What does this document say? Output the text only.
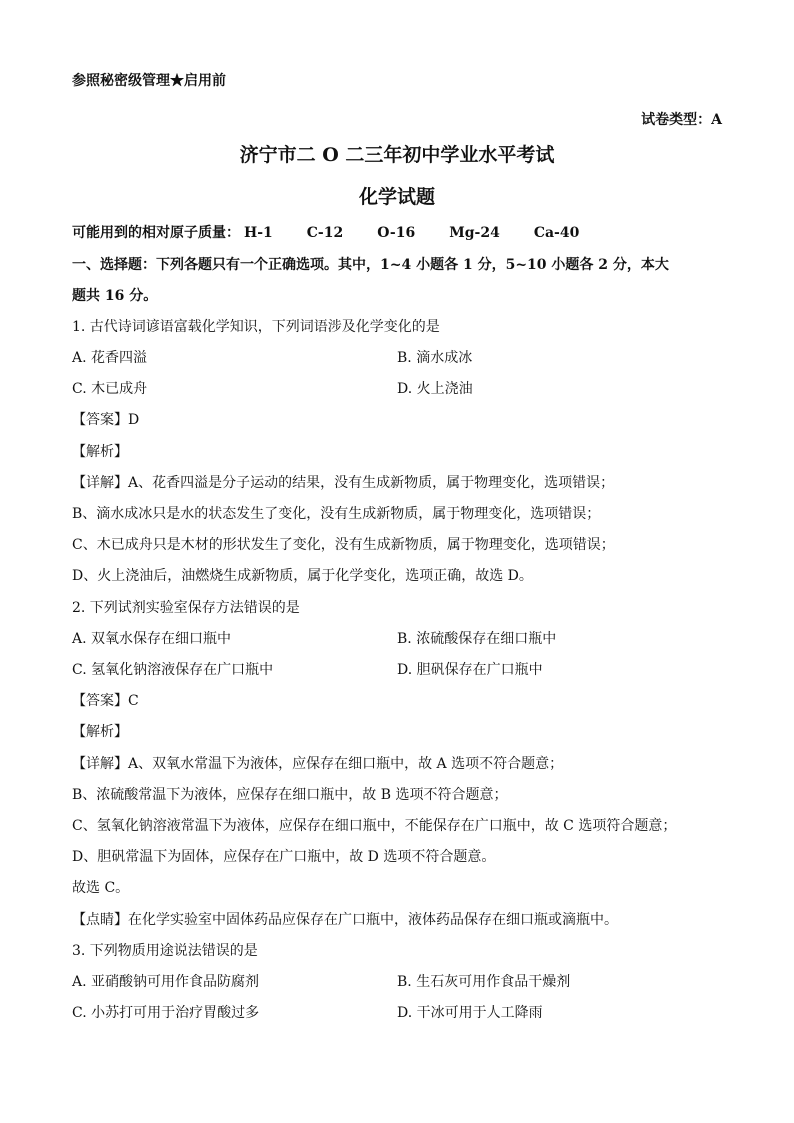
参照秘密级管理★启用前
试卷类型：A
济宁市二 O 二三年初中学业水平考试
化学试题
可能用到的相对原子质量： H-1 C-12 O-16 Mg-24 Ca-40
一、选择题：下列各题只有一个正确选项。其中，1~4 小题各 1 分，5~10 小题各 2 分，本大
题共 16 分。
1. 古代诗词谚语富载化学知识，下列词语涉及化学变化的是
A. 花香四溢	B. 滴水成冰
C. 木已成舟	D. 火上浇油
【答案】D
【解析】
【详解】A、花香四溢是分子运动的结果，没有生成新物质，属于物理变化，选项错误；
B、滴水成冰只是水的状态发生了变化，没有生成新物质，属于物理变化，选项错误；
C、木已成舟只是木材的形状发生了变化，没有生成新物质，属于物理变化，选项错误；
D、火上浇油后，油燃烧生成新物质，属于化学变化，选项正确，故选 D。
2. 下列试剂实验室保存方法错误的是
A. 双氧水保存在细口瓶中	B. 浓硫酸保存在细口瓶中
C. 氢氧化钠溶液保存在广口瓶中	D. 胆矾保存在广口瓶中
【答案】C
【解析】
【详解】A、双氧水常温下为液体，应保存在细口瓶中，故 A 选项不符合题意；
B、浓硫酸常温下为液体，应保存在细口瓶中，故 B 选项不符合题意；
C、氢氧化钠溶液常温下为液体，应保存在细口瓶中，不能保存在广口瓶中，故 C 选项符合题意；
D、胆矾常温下为固体，应保存在广口瓶中，故 D 选项不符合题意。
故选 C。
【点睛】在化学实验室中固体药品应保存在广口瓶中，液体药品保存在细口瓶或滴瓶中。
3. 下列物质用途说法错误的是
A. 亚硝酸钠可用作食品防腐剂	B. 生石灰可用作食品干燥剂
C. 小苏打可用于治疗胃酸过多	D. 干冰可用于人工降雨
